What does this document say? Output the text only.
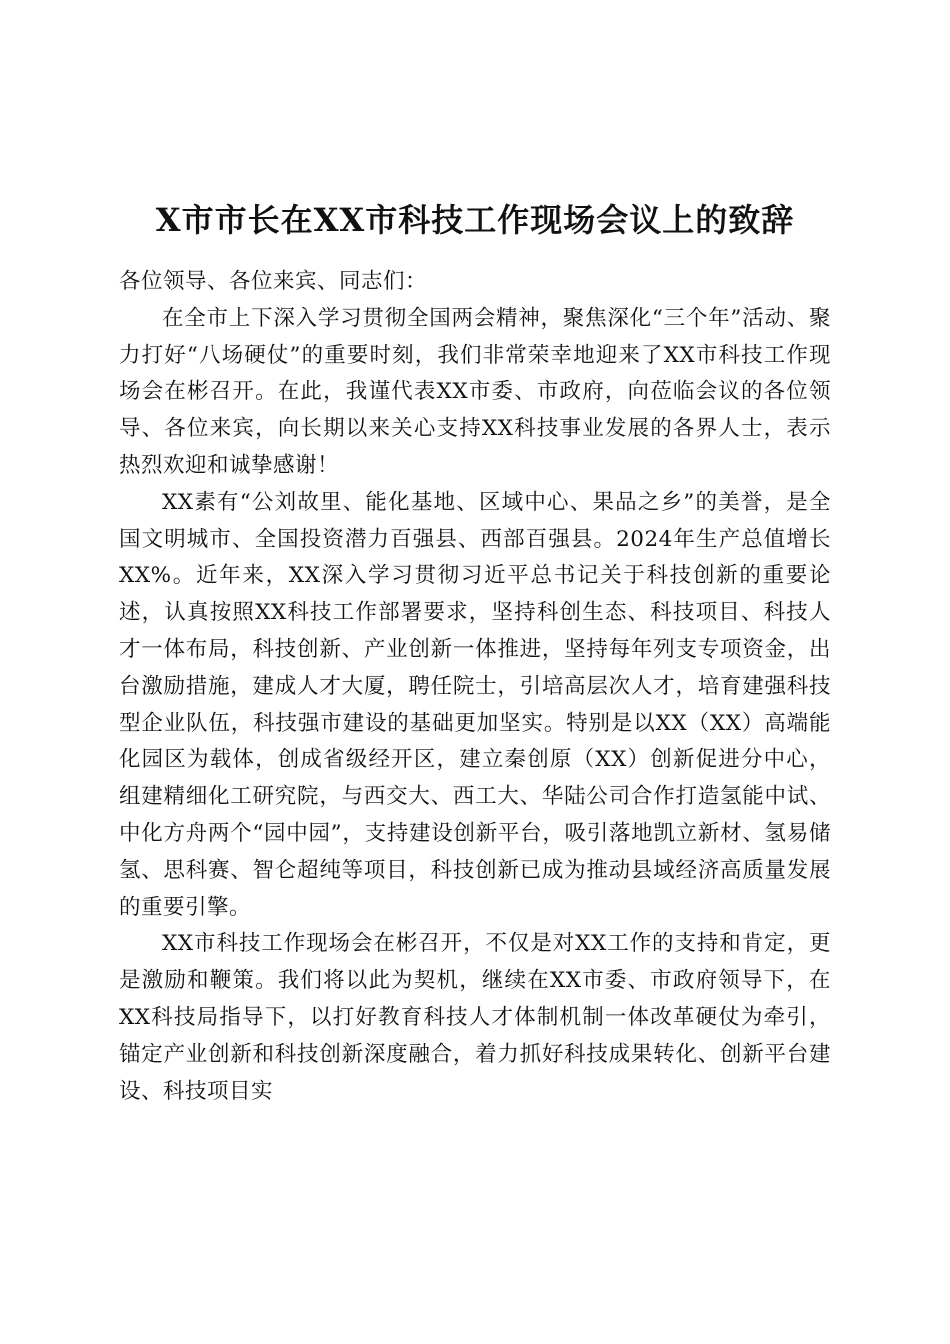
X市市长在XX市科技工作现场会议上的致辞

各位领导、各位来宾、同志们：

在全市上下深入学习贯彻全国两会精神，聚焦深化“三个年”活动、聚力打好“八场硬仗”的重要时刻，我们非常荣幸地迎来了XX市科技工作现场会在彬召开。在此，我谨代表XX市委、市政府，向莅临会议的各位领导、各位来宾，向长期以来关心支持XX科技事业发展的各界人士，表示热烈欢迎和诚挚感谢！

XX素有“公刘故里、能化基地、区域中心、果品之乡”的美誉，是全国文明城市、全国投资潜力百强县、西部百强县。2024年生产总值增长XX%。近年来，XX深入学习贯彻习近平总书记关于科技创新的重要论述，认真按照XX科技工作部署要求，坚持科创生态、科技项目、科技人才一体布局，科技创新、产业创新一体推进，坚持每年列支专项资金，出台激励措施，建成人才大厦，聘任院士，引培高层次人才，培育建强科技型企业队伍，科技强市建设的基础更加坚实。特别是以XX（XX）高端能化园区为载体，创成省级经开区，建立秦创原（XX）创新促进分中心，组建精细化工研究院，与西交大、西工大、华陆公司合作打造氢能中试、中化方舟两个“园中园”，支持建设创新平台，吸引落地凯立新材、氢易储氢、思科赛、智仑超纯等项目，科技创新已成为推动县域经济高质量发展的重要引擎。

XX市科技工作现场会在彬召开，不仅是对XX工作的支持和肯定，更是激励和鞭策。我们将以此为契机，继续在XX市委、市政府领导下，在XX科技局指导下，以打好教育科技人才体制机制一体改革硬仗为牵引，锚定产业创新和科技创新深度融合，着力抓好科技成果转化、创新平台建设、科技项目实
